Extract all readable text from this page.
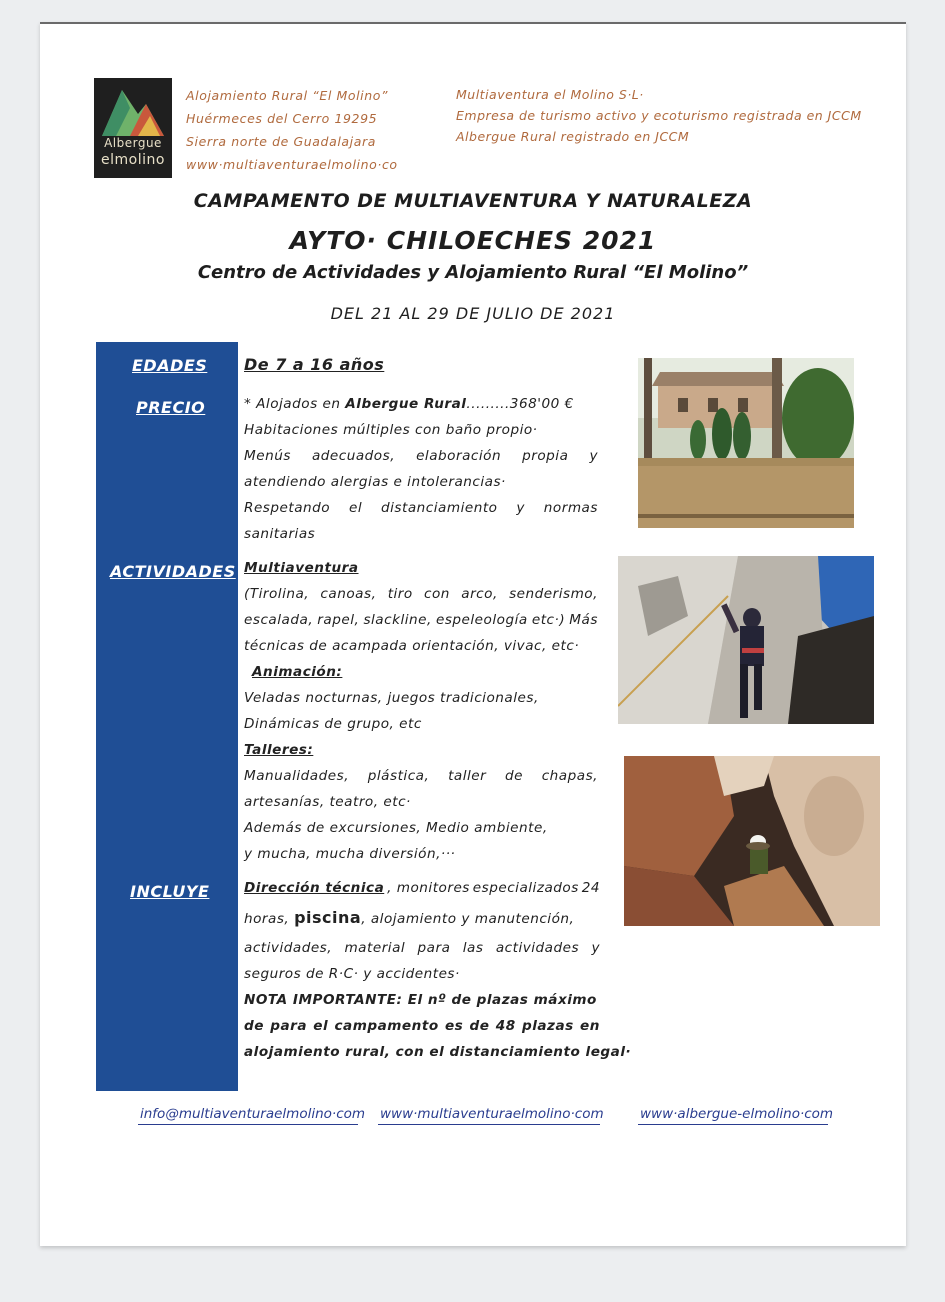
Albergue
elmolino
Alojamiento Rural “El Molino”
Huérmeces del Cerro 19295
Sierra norte de Guadalajara
www·multiaventuraelmolino·co
Multiaventura el Molino S·L·
Empresa de turismo activo y ecoturismo registrada en JCCM
Albergue Rural registrado en JCCM
CAMPAMENTO DE MULTIAVENTURA Y NATURALEZA
AYTO· CHILOECHES 2021
Centro de Actividades y Alojamiento Rural “El Molino”
DEL 21 AL 29 DE JULIO DE 2021
EDADES
PRECIO
ACTIVIDADES
INCLUYE
De 7 a 16 años
* Alojados en Albergue Rural.........368'00 €
Habitaciones múltiples con baño propio·
Menús adecuados, elaboración propia y
atendiendo alergias e intolerancias·
Respetando el distanciamiento y normas
sanitarias
Multiaventura
(Tirolina, canoas, tiro con arco, senderismo,
escalada, rapel, slackline, espeleología etc·) Más
técnicas de acampada orientación, vivac, etc·
Animación:
Veladas nocturnas, juegos tradicionales,
Dinámicas de grupo, etc
Talleres:
Manualidades, plástica, taller de chapas,
artesanías, teatro, etc·
Además de excursiones, Medio ambiente,
y mucha, mucha diversión,···
Dirección técnica , monitores especializados 24
horas, piscina, alojamiento y manutención,
actividades, material para las actividades y
seguros de R·C· y accidentes·
NOTA IMPORTANTE: El nº de plazas máximo
de para el campamento es de 48 plazas en
alojamiento rural, con el distanciamiento legal·
info@multiaventuraelmolino·com www·multiaventuraelmolino·com	www·albergue-elmolino·com
